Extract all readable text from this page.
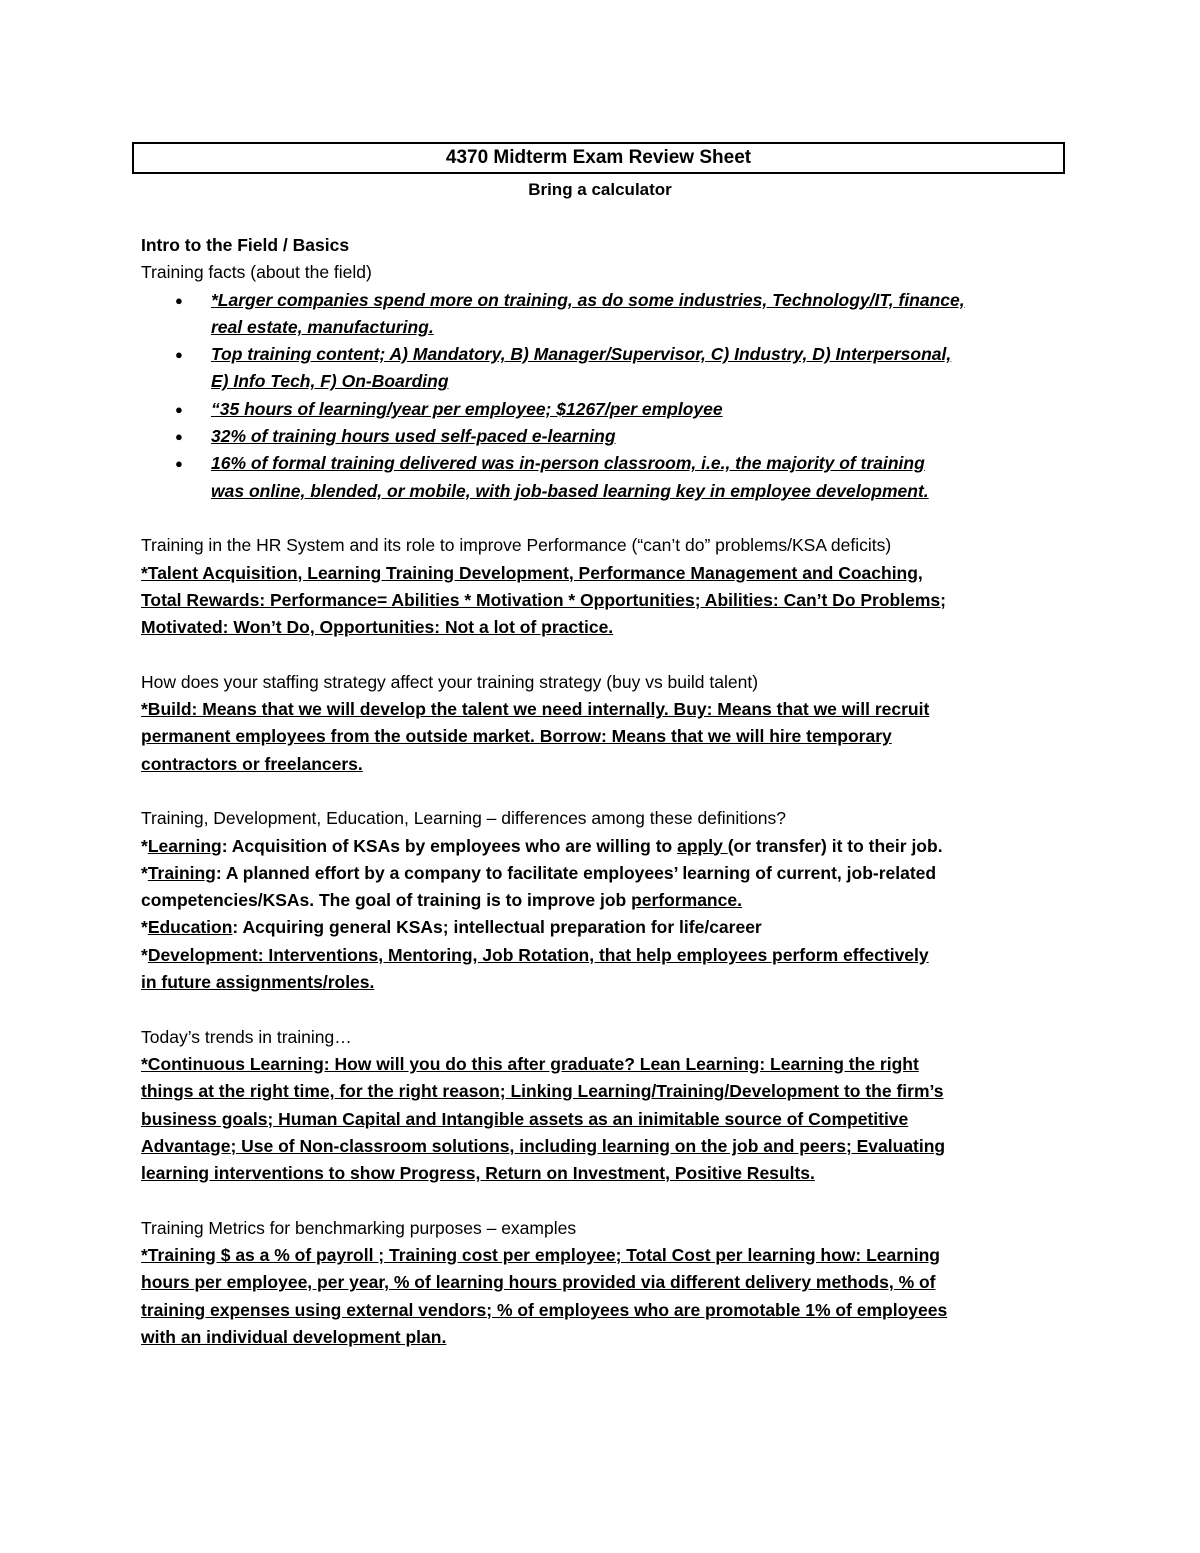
4370 Midterm Exam Review Sheet
Bring a calculator
Intro to the Field / Basics
Training facts (about the field)
● *Larger companies spend more on training, as do some industries, Technology/IT, finance,
real estate, manufacturing.
● Top training content; A) Mandatory, B) Manager/Supervisor, C) Industry, D) Interpersonal,
E) Info Tech, F) On-Boarding
● “35 hours of learning/year per employee; $1267/per employee
● 32% of training hours used self-paced e-learning
● 16% of formal training delivered was in-person classroom, i.e., the majority of training
was online, blended, or mobile, with job-based learning key in employee development.
Training in the HR System and its role to improve Performance (“can’t do” problems/KSA deficits)
*Talent Acquisition, Learning Training Development, Performance Management and Coaching,
Total Rewards: Performance= Abilities * Motivation * Opportunities; Abilities: Can’t Do Problems;
Motivated: Won’t Do, Opportunities: Not a lot of practice.
How does your staffing strategy affect your training strategy (buy vs build talent)
*Build: Means that we will develop the talent we need internally. Buy: Means that we will recruit
permanent employees from the outside market. Borrow: Means that we will hire temporary
contractors or freelancers.
Training, Development, Education, Learning – differences among these definitions?
*Learning: Acquisition of KSAs by employees who are willing to apply (or transfer) it to their job.
*Training: A planned effort by a company to facilitate employees’ learning of current, job-related
competencies/KSAs. The goal of training is to improve job performance.
*Education: Acquiring general KSAs; intellectual preparation for life/career
*Development: Interventions, Mentoring, Job Rotation, that help employees perform effectively
in future assignments/roles.
Today’s trends in training…
*Continuous Learning: How will you do this after graduate? Lean Learning: Learning the right
things at the right time, for the right reason; Linking Learning/Training/Development to the firm’s
business goals; Human Capital and Intangible assets as an inimitable source of Competitive
Advantage; Use of Non-classroom solutions, including learning on the job and peers; Evaluating
learning interventions to show Progress, Return on Investment, Positive Results.
Training Metrics for benchmarking purposes – examples
*Training $ as a % of payroll ; Training cost per employee; Total Cost per learning how: Learning
hours per employee, per year, % of learning hours provided via different delivery methods, % of
training expenses using external vendors; % of employees who are promotable 1% of employees
with an individual development plan.
